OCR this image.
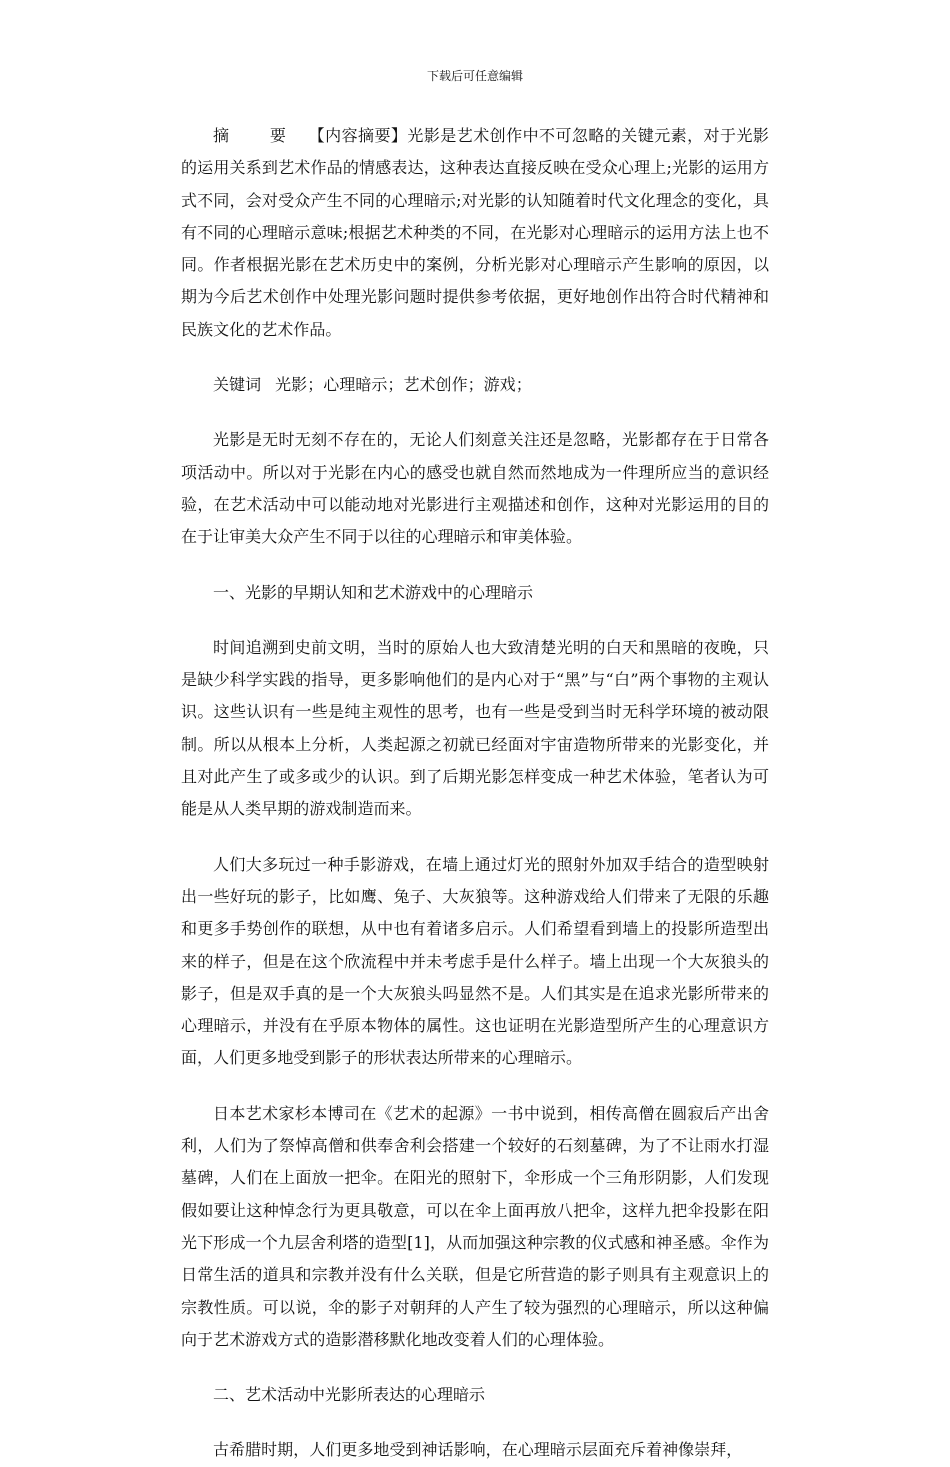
下载后可任意编辑

摘	要 【内容摘要】光影是艺术创作中不可忽略的关键元素，对于光影的运用关系到艺术作品的情感表达，这种表达直接反映在受众心理上;光影的运用方式不同，会对受众产生不同的心理暗示;对光影的认知随着时代文化理念的变化，具有不同的心理暗示意味;根据艺术种类的不同，在光影对心理暗示的运用方法上也不同。作者根据光影在艺术历史中的案例，分析光影对心理暗示产生影响的原因，以期为今后艺术创作中处理光影问题时提供参考依据，更好地创作出符合时代精神和民族文化的艺术作品。

关键词 光影；心理暗示；艺术创作；游戏；

光影是无时无刻不存在的，无论人们刻意关注还是忽略，光影都存在于日常各项活动中。所以对于光影在内心的感受也就自然而然地成为一件理所应当的意识经验，在艺术活动中可以能动地对光影进行主观描述和创作，这种对光影运用的目的在于让审美大众产生不同于以往的心理暗示和审美体验。

一、光影的早期认知和艺术游戏中的心理暗示

时间追溯到史前文明，当时的原始人也大致清楚光明的白天和黑暗的夜晚，只是缺少科学实践的指导，更多影响他们的是内心对于“黑”与“白”两个事物的主观认识。这些认识有一些是纯主观性的思考，也有一些是受到当时无科学环境的被动限制。所以从根本上分析，人类起源之初就已经面对宇宙造物所带来的光影变化，并且对此产生了或多或少的认识。到了后期光影怎样变成一种艺术体验，笔者认为可能是从人类早期的游戏制造而来。

人们大多玩过一种手影游戏，在墙上通过灯光的照射外加双手结合的造型映射出一些好玩的影子，比如鹰、兔子、大灰狼等。这种游戏给人们带来了无限的乐趣和更多手势创作的联想，从中也有着诸多启示。人们希望看到墙上的投影所造型出来的样子，但是在这个欣流程中并未考虑手是什么样子。墙上出现一个大灰狼头的影子，但是双手真的是一个大灰狼头吗显然不是。人们其实是在追求光影所带来的心理暗示，并没有在乎原本物体的属性。这也证明在光影造型所产生的心理意识方面，人们更多地受到影子的形状表达所带来的心理暗示。

日本艺术家杉本博司在《艺术的起源》一书中说到，相传高僧在圆寂后产出舍利，人们为了祭悼高僧和供奉舍利会搭建一个较好的石刻墓碑，为了不让雨水打湿墓碑，人们在上面放一把伞。在阳光的照射下，伞形成一个三角形阴影，人们发现假如要让这种悼念行为更具敬意，可以在伞上面再放八把伞，这样九把伞投影在阳光下形成一个九层舍利塔的造型[1]，从而加强这种宗教的仪式感和神圣感。伞作为日常生活的道具和宗教并没有什么关联，但是它所营造的影子则具有主观意识上的宗教性质。可以说，伞的影子对朝拜的人产生了较为强烈的心理暗示，所以这种偏向于艺术游戏方式的造影潜移默化地改变着人们的心理体验。

二、艺术活动中光影所表达的心理暗示

古希腊时期，人们更多地受到神话影响，在心理暗示层面充斥着神像崇拜，
